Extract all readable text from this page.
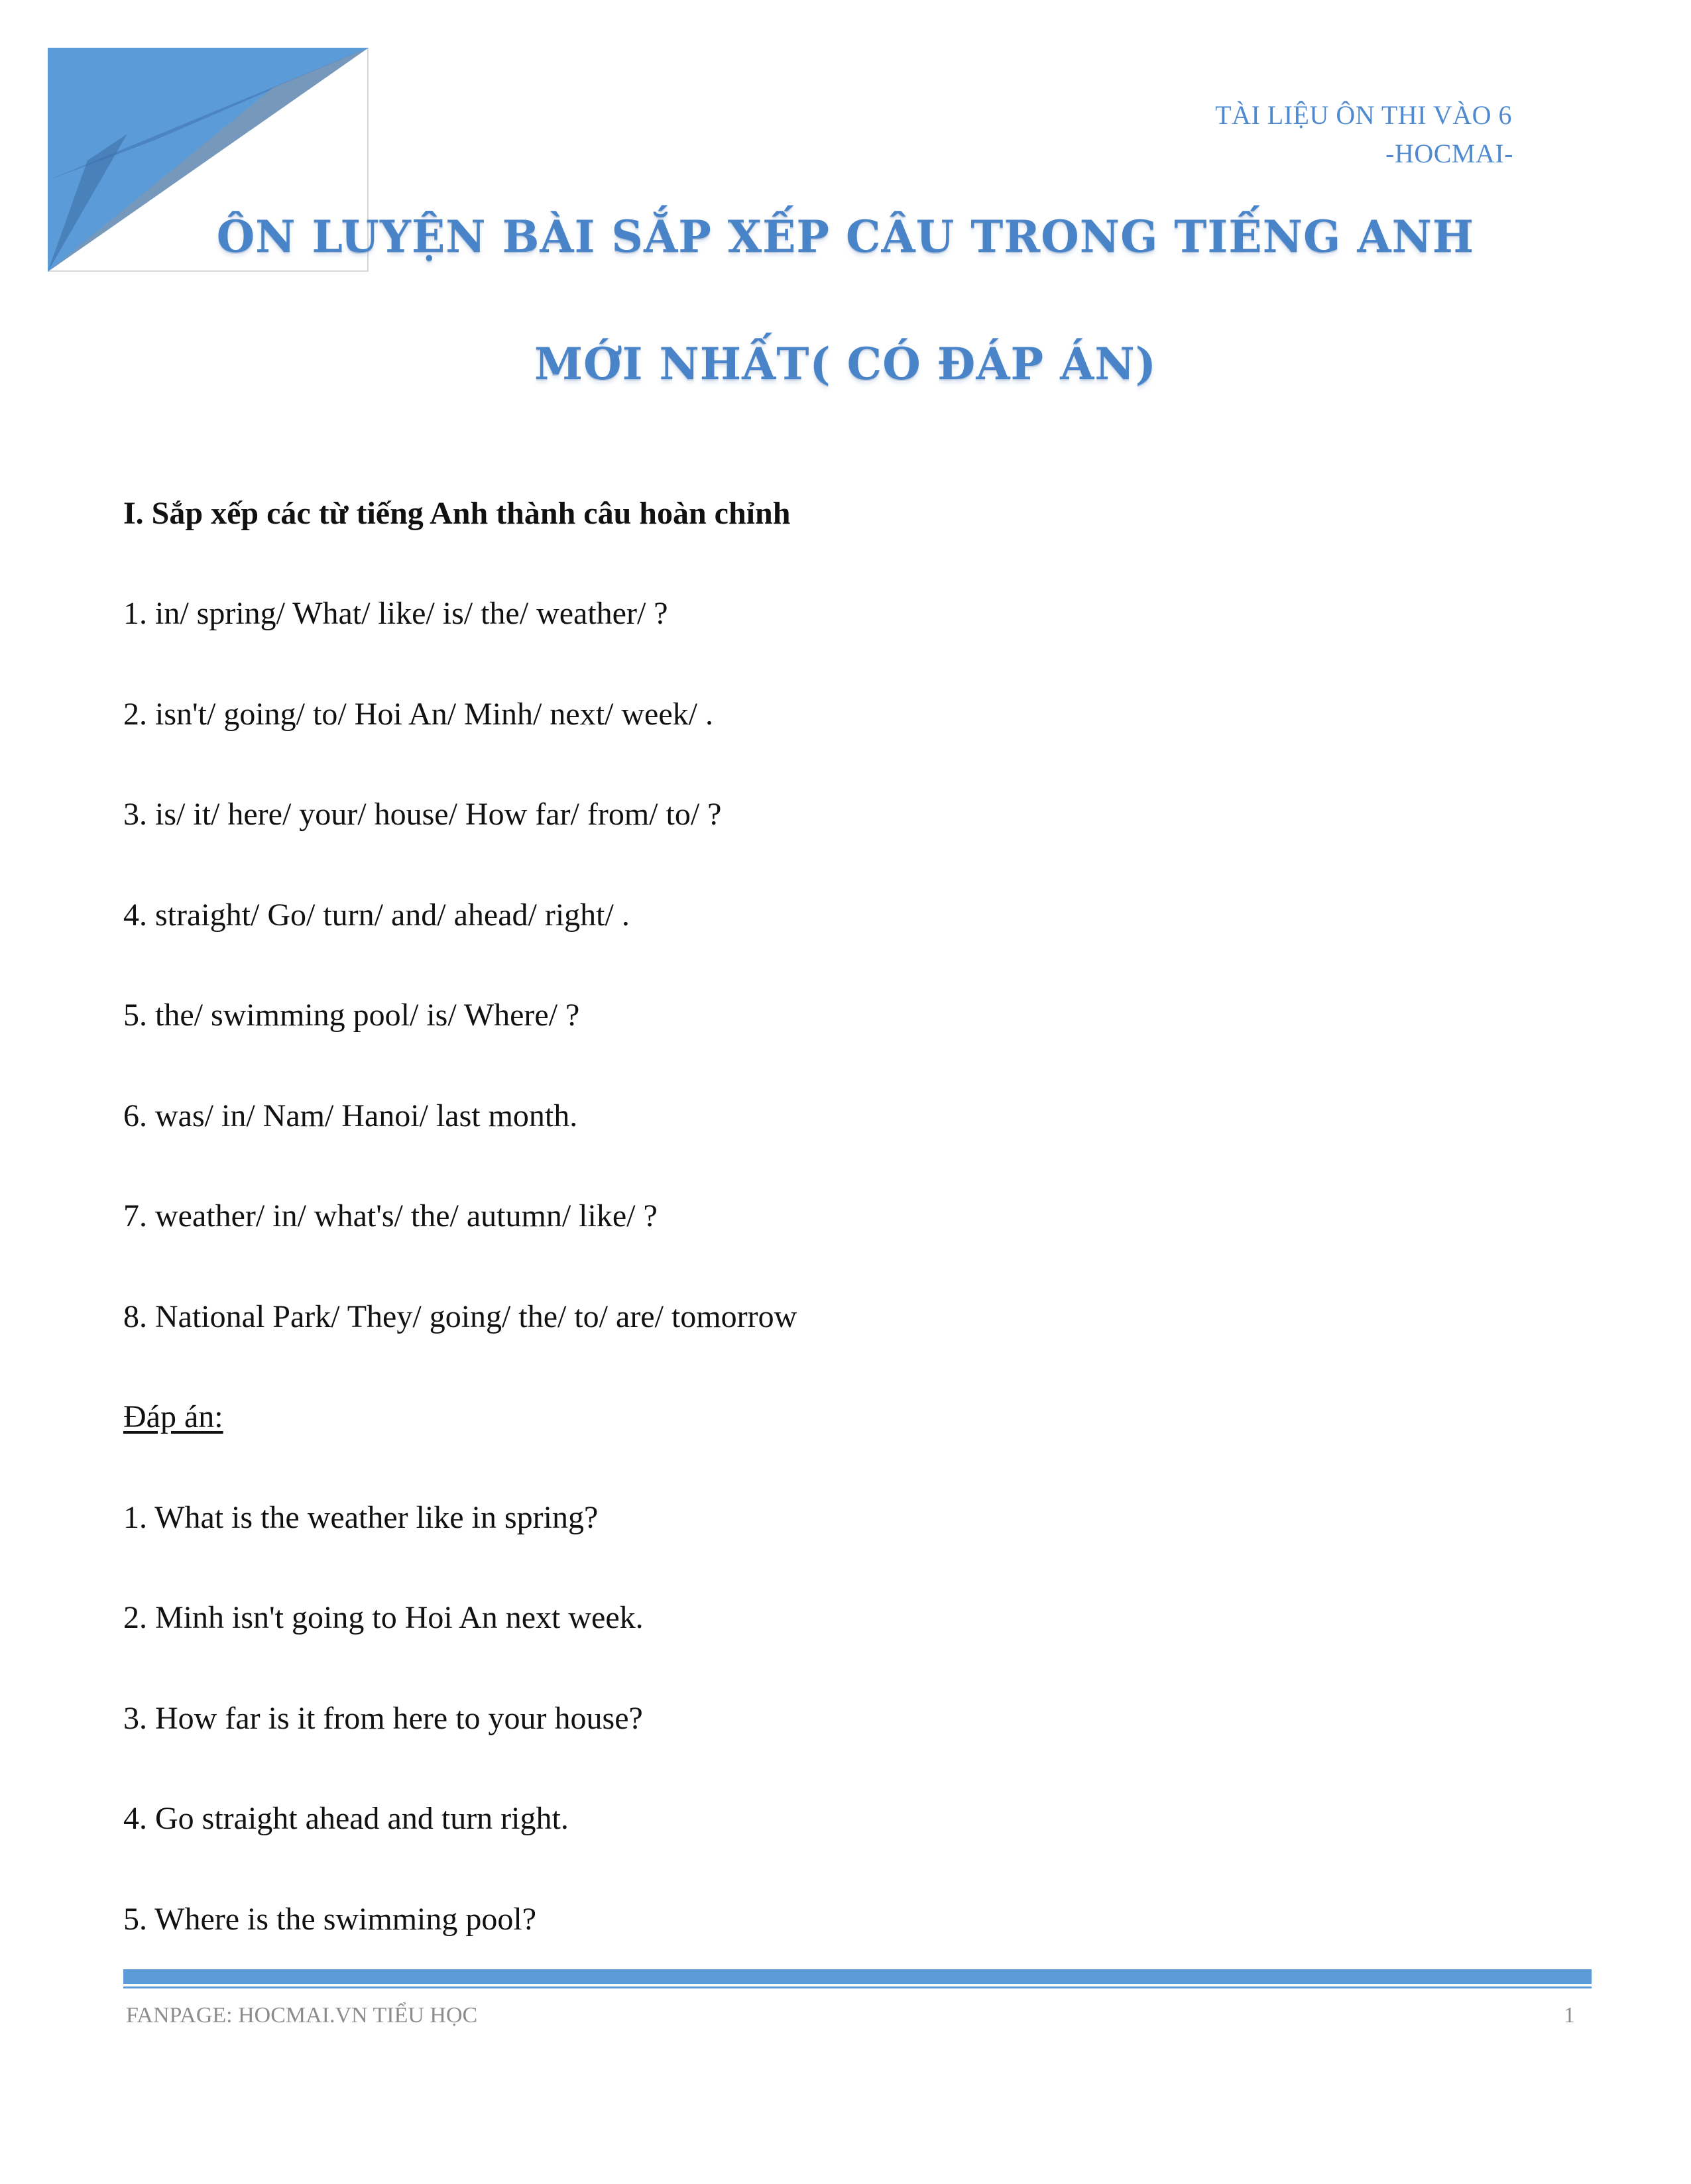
TÀI LIỆU ÔN THI VÀO 6
-HOCMAI-
ÔN LUYỆN BÀI SẮP XẾP CÂU TRONG TIẾNG ANH
MỚI NHẤT( CÓ ĐÁP ÁN)

I. Sắp xếp các từ tiếng Anh thành câu hoàn chỉnh

1. in/ spring/ What/ like/ is/ the/ weather/ ?

2. isn't/ going/ to/ Hoi An/ Minh/ next/ week/ .

3. is/ it/ here/ your/ house/ How far/ from/ to/ ?

4. straight/ Go/ turn/ and/ ahead/ right/ .

5. the/ swimming pool/ is/ Where/ ?

6. was/ in/ Nam/ Hanoi/ last month.

7. weather/ in/ what's/ the/ autumn/ like/ ?

8. National Park/ They/ going/ the/ to/ are/ tomorrow

Đáp án:

1. What is the weather like in spring?

2. Minh isn't going to Hoi An next week.

3. How far is it from here to your house?

4. Go straight ahead and turn right.

5. Where is the swimming pool?

FANPAGE: HOCMAI.VN TIỂU HỌC	1
